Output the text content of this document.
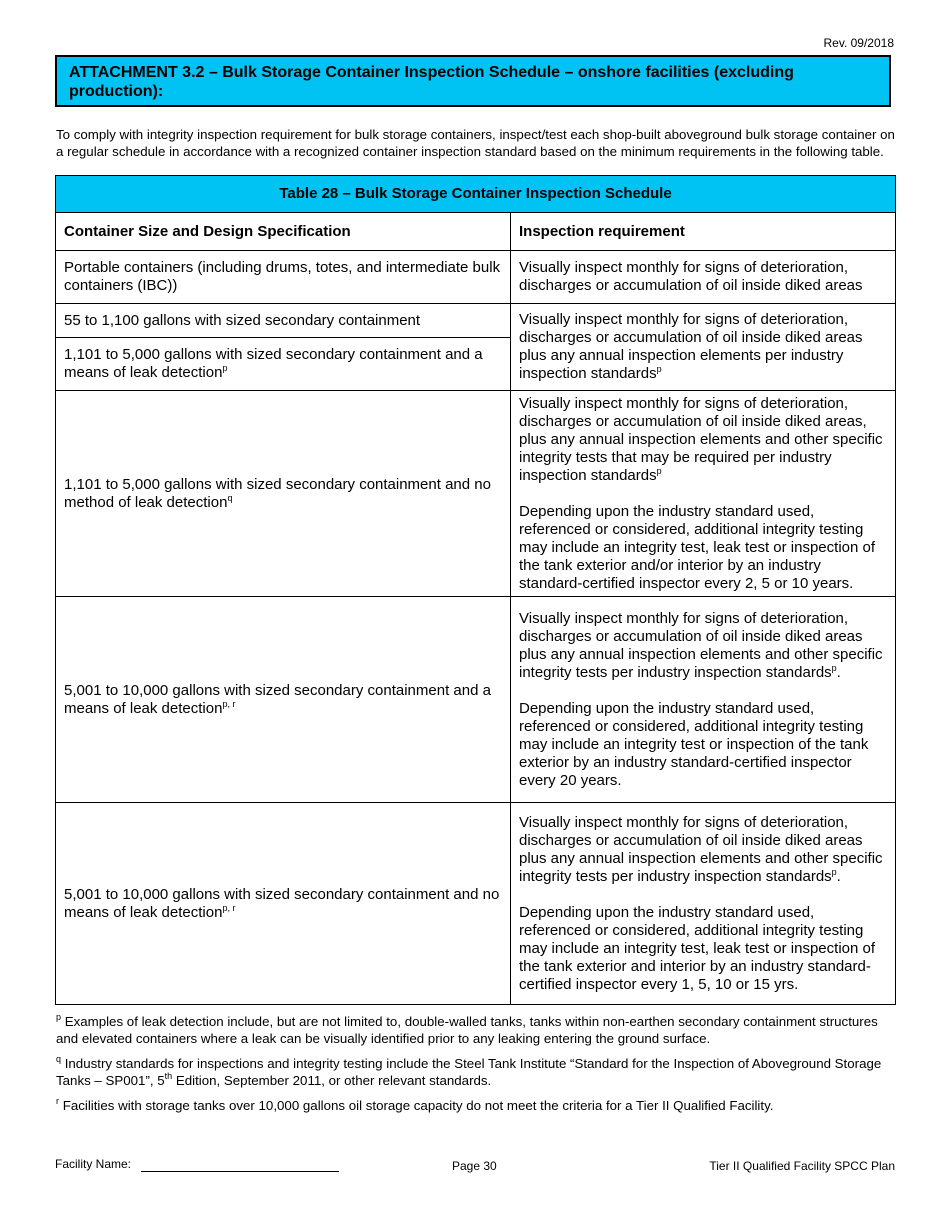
Rev. 09/2018
ATTACHMENT 3.2 – Bulk Storage Container Inspection Schedule – onshore facilities (excluding production):
To comply with integrity inspection requirement for bulk storage containers, inspect/test each shop-built aboveground bulk storage container on a regular schedule in accordance with a recognized container inspection standard based on the minimum requirements in the following table.
Table 28 – Bulk Storage Container Inspection Schedule	
Container Size and Design Specification	Inspection requirement
Portable containers (including drums, totes, and intermediate bulk containers (IBC))	Visually inspect monthly for signs of deterioration, discharges or accumulation of oil inside diked areas
55 to 1,100 gallons with sized secondary containment	Visually inspect monthly for signs of deterioration, discharges or accumulation of oil inside diked areas plus any annual inspection elements per industry inspection standards$^p$
1,101 to 5,000 gallons with sized secondary containment and a means of leak detection$^p$
1,101 to 5,000 gallons with sized secondary containment and no method of leak detection$^q$	Visually inspect monthly for signs of deterioration, discharges or accumulation of oil inside diked areas, plus any annual inspection elements and other specific integrity tests that may be required per industry inspection standards$^p$

Depending upon the industry standard used, referenced or considered, additional integrity testing may include an integrity test, leak test or inspection of the tank exterior and/or interior by an industry standard-certified inspector every 2, 5 or 10 years.

5,001 to 10,000 gallons with sized secondary containment and a means of leak detection$^{p, r}$	Visually inspect monthly for signs of deterioration, discharges or accumulation of oil inside diked areas plus any annual inspection elements and other specific integrity tests per industry inspection standards$^p$.

Depending upon the industry standard used, referenced or considered, additional integrity testing may include an integrity test or inspection of the tank exterior by an industry standard-certified inspector every 20 years.

5,001 to 10,000 gallons with sized secondary containment and no means of leak detection$^{p, r}$	Visually inspect monthly for signs of deterioration, discharges or accumulation of oil inside diked areas plus any annual inspection elements and other specific integrity tests per industry inspection standards$^p$.

Depending upon the industry standard used, referenced or considered, additional integrity testing may include an integrity test, leak test or inspection of the tank exterior and interior by an industry standard-certified inspector every 1, 5, 10 or 15 yrs.

$^p$ Examples of leak detection include, but are not limited to, double-walled tanks, tanks within non-earthen secondary containment structures and elevated containers where a leak can be visually identified prior to any leaking entering the ground surface.

$^q$ Industry standards for inspections and integrity testing include the Steel Tank Institute “Standard for the Inspection of Aboveground Storage Tanks – SP001”, 5th Edition, September 2011, or other relevant standards.

$^r$ Facilities with storage tanks over 10,000 gallons oil storage capacity do not meet the criteria for a Tier II Qualified Facility.

Facility Name:	Page 30	Tier II Qualified Facility SPCC Plan
